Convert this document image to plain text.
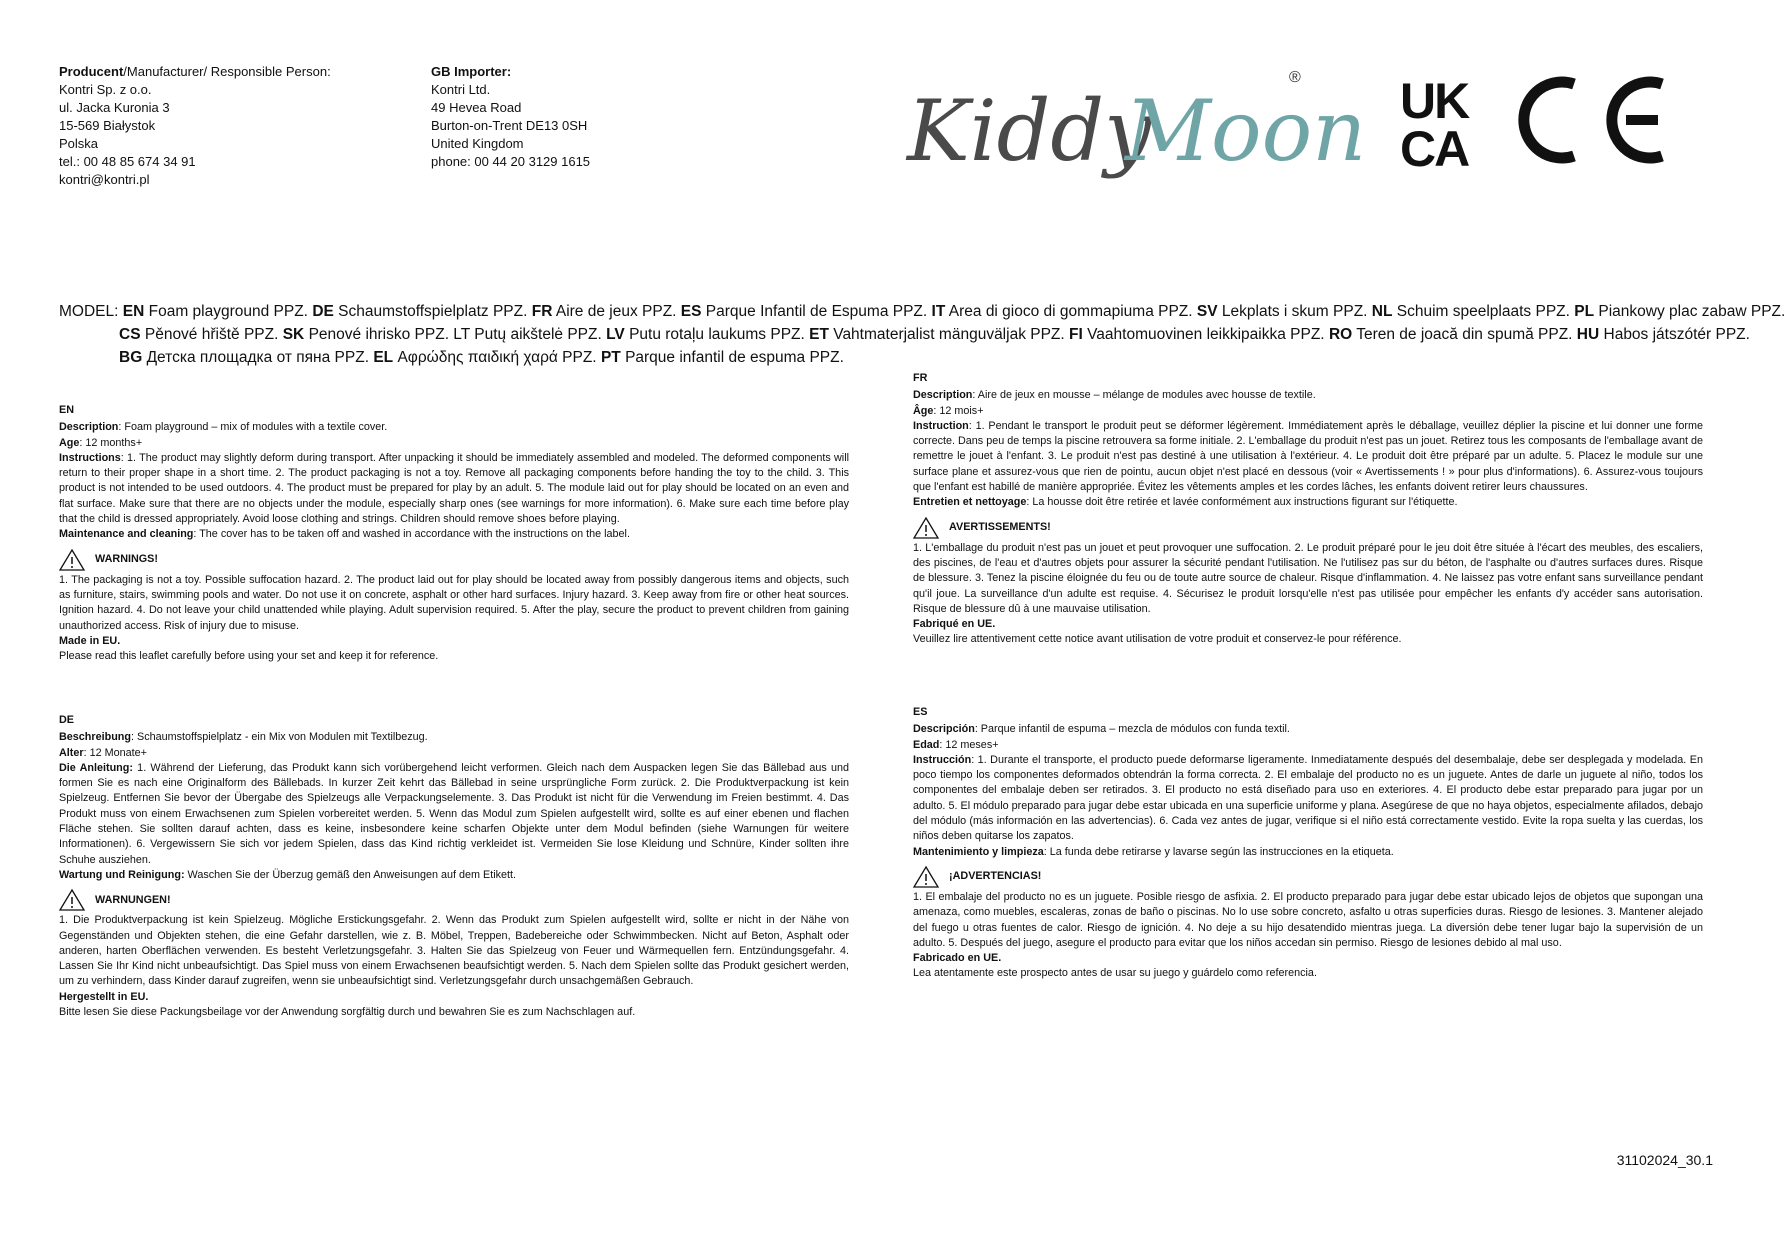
Producent/Manufacturer/ Responsible Person:
Kontri Sp. z o.o.
ul. Jacka Kuronia 3
15-569 Białystok
Polska
tel.: 00 48 85 674 34 91
kontri@kontri.pl
GB Importer:
Kontri Ltd.
49 Hevea Road
Burton-on-Trent DE13 0SH
United Kingdom
phone: 00 44 20 3129 1615	Kiddy
Moon
® UK
CA
CE
MODEL: EN Foam playground PPZ. DE Schaumstoffspielplatz PPZ. FR Aire de jeux PPZ. ES Parque Infantil de Espuma PPZ. IT Area di gioco di gommapiuma PPZ. SV Lekplats i skum PPZ. NL Schuim speelplaats PPZ. PL Piankowy plac zabaw PPZ.
CS Pěnové hřiště PPZ. SK Penové ihrisko PPZ. LT Putų aikštelė PPZ. LV Putu rotaļu laukums PPZ. ET Vahtmaterjalist mänguväljak PPZ. FI Vaahtomuovinen leikkipaikka PPZ. RO Teren de joacă din spumă PPZ. HU Habos játszótér PPZ.
BG Детска площадка от пяна PPZ. EL Αφρώδης παιδική χαρά PPZ. PT Parque infantil de espuma PPZ.
EN

Description: Foam playground – mix of modules with a textile cover.

Age: 12 months+

Instructions: 1. The product may slightly deform during transport. After unpacking it should be immediately assembled and modeled. The deformed components will return to their proper shape in a short time. 2. The product packaging is not a toy. Remove all packaging components before handing the toy to the child. 3. This product is not intended to be used outdoors. 4. The product must be prepared for play by an adult. 5. The module laid out for play should be located on an even and flat surface. Make sure that there are no objects under the module, especially sharp ones (see warnings for more information). 6. Make sure each time before play that the child is dressed appropriately. Avoid loose clothing and strings. Children should remove shoes before playing.

Maintenance and cleaning: The cover has to be taken off and washed in accordance with the instructions on the label.

WARNINGS!

1. The packaging is not a toy. Possible suffocation hazard. 2. The product laid out for play should be located away from possibly dangerous items and objects, such as furniture, stairs, swimming pools and water. Do not use it on concrete, asphalt or other hard surfaces. Injury hazard. 3. Keep away from fire or other heat sources. Ignition hazard. 4. Do not leave your child unattended while playing. Adult supervision required. 5. After the play, secure the product to prevent children from gaining unauthorized access. Risk of injury due to misuse.

Made in EU.

Please read this leaflet carefully before using your set and keep it for reference.

DE

Beschreibung: Schaumstoffspielplatz - ein Mix von Modulen mit Textilbezug.

Alter: 12 Monate+

Die Anleitung: 1. Während der Lieferung, das Produkt kann sich vorübergehend leicht verformen. Gleich nach dem Auspacken legen Sie das Bällebad aus und formen Sie es nach eine Originalform des Bällebads. In kurzer Zeit kehrt das Bällebad in seine ursprüngliche Form zurück. 2. Die Produktverpackung ist kein Spielzeug. Entfernen Sie bevor der Übergabe des Spielzeugs alle Verpackungselemente. 3. Das Produkt ist nicht für die Verwendung im Freien bestimmt. 4. Das Produkt muss von einem Erwachsenen zum Spielen vorbereitet werden. 5. Wenn das Modul zum Spielen aufgestellt wird, sollte es auf einer ebenen und flachen Fläche stehen. Sie sollten darauf achten, dass es keine, insbesondere keine scharfen Objekte unter dem Modul befinden (siehe Warnungen für weitere Informationen). 6. Vergewissern Sie sich vor jedem Spielen, dass das Kind richtig verkleidet ist. Vermeiden Sie lose Kleidung und Schnüre, Kinder sollten ihre Schuhe ausziehen.

Wartung und Reinigung: Waschen Sie der Überzug gemäß den Anweisungen auf dem Etikett.

WARNUNGEN!

1. Die Produktverpackung ist kein Spielzeug. Mögliche Erstickungsgefahr. 2. Wenn das Produkt zum Spielen aufgestellt wird, sollte er nicht in der Nähe von Gegenständen und Objekten stehen, die eine Gefahr darstellen, wie z. B. Möbel, Treppen, Badebereiche oder Schwimmbecken. Nicht auf Beton, Asphalt oder anderen, harten Oberflächen verwenden. Es besteht Verletzungsgefahr. 3. Halten Sie das Spielzeug von Feuer und Wärmequellen fern. Entzündungsgefahr. 4. Lassen Sie Ihr Kind nicht unbeaufsichtigt. Das Spiel muss von einem Erwachsenen beaufsichtigt werden. 5. Nach dem Spielen sollte das Produkt gesichert werden, um zu verhindern, dass Kinder darauf zugreifen, wenn sie unbeaufsichtigt sind. Verletzungsgefahr durch unsachgemäßen Gebrauch.

Hergestellt in EU.

Bitte lesen Sie diese Packungsbeilage vor der Anwendung sorgfältig durch und bewahren Sie es zum Nachschlagen auf.

FR

Description: Aire de jeux en mousse – mélange de modules avec housse de textile.

Âge: 12 mois+

Instruction: 1. Pendant le transport le produit peut se déformer légèrement. Immédiatement après le déballage, veuillez déplier la piscine et lui donner une forme correcte. Dans peu de temps la piscine retrouvera sa forme initiale. 2. L'emballage du produit n'est pas un jouet. Retirez tous les composants de l'emballage avant de remettre le jouet à l'enfant. 3. Le produit n'est pas destiné à une utilisation à l'extérieur. 4. Le produit doit être préparé par un adulte. 5. Placez le module sur une surface plane et assurez-vous que rien de pointu, aucun objet n'est placé en dessous (voir « Avertissements ! » pour plus d'informations). 6. Assurez-vous toujours que l'enfant est habillé de manière appropriée. Évitez les vêtements amples et les cordes lâches, les enfants doivent retirer leurs chaussures.

Entretien et nettoyage: La housse doit être retirée et lavée conformément aux instructions figurant sur l'étiquette.

AVERTISSEMENTS!

1. L'emballage du produit n'est pas un jouet et peut provoquer une suffocation. 2. Le produit préparé pour le jeu doit être située à l'écart des meubles, des escaliers, des piscines, de l'eau et d'autres objets pour assurer la sécurité pendant l'utilisation. Ne l'utilisez pas sur du béton, de l'asphalte ou d'autres surfaces dures. Risque de blessure. 3. Tenez la piscine éloignée du feu ou de toute autre source de chaleur. Risque d'inflammation. 4. Ne laissez pas votre enfant sans surveillance pendant qu'il joue. La surveillance d'un adulte est requise. 4. Sécurisez le produit lorsqu'elle n'est pas utilisée pour empêcher les enfants d'y accéder sans autorisation. Risque de blessure dû à une mauvaise utilisation.

Fabriqué en UE.

Veuillez lire attentivement cette notice avant utilisation de votre produit et conservez-le pour référence.

ES

Descripción: Parque infantil de espuma – mezcla de módulos con funda textil.

Edad: 12 meses+

Instrucción: 1. Durante el transporte, el producto puede deformarse ligeramente. Inmediatamente después del desembalaje, debe ser desplegada y modelada. En poco tiempo los componentes deformados obtendrán la forma correcta. 2. El embalaje del producto no es un juguete. Antes de darle un juguete al niño, todos los componentes del embalaje deben ser retirados. 3. El producto no está diseñado para uso en exteriores. 4. El producto debe estar preparado para jugar por un adulto. 5. El módulo preparado para jugar debe estar ubicada en una superficie uniforme y plana. Asegúrese de que no haya objetos, especialmente afilados, debajo del módulo (más información en las advertencias). 6. Cada vez antes de jugar, verifique si el niño está correctamente vestido. Evite la ropa suelta y las cuerdas, los niños deben quitarse los zapatos.

Mantenimiento y limpieza: La funda debe retirarse y lavarse según las instrucciones en la etiqueta.

¡ADVERTENCIAS!

1. El embalaje del producto no es un juguete. Posible riesgo de asfixia. 2. El producto preparado para jugar debe estar ubicado lejos de objetos que supongan una amenaza, como muebles, escaleras, zonas de baño o piscinas. No lo use sobre concreto, asfalto u otras superficies duras. Riesgo de lesiones. 3. Mantener alejado del fuego u otras fuentes de calor. Riesgo de ignición. 4. No deje a su hijo desatendido mientras juega. La diversión debe tener lugar bajo la supervisión de un adulto. 5. Después del juego, asegure el producto para evitar que los niños accedan sin permiso. Riesgo de lesiones debido al mal uso.

Fabricado en UE.

Lea atentamente este prospecto antes de usar su juego y guárdelo como referencia.

31102024_30.1
